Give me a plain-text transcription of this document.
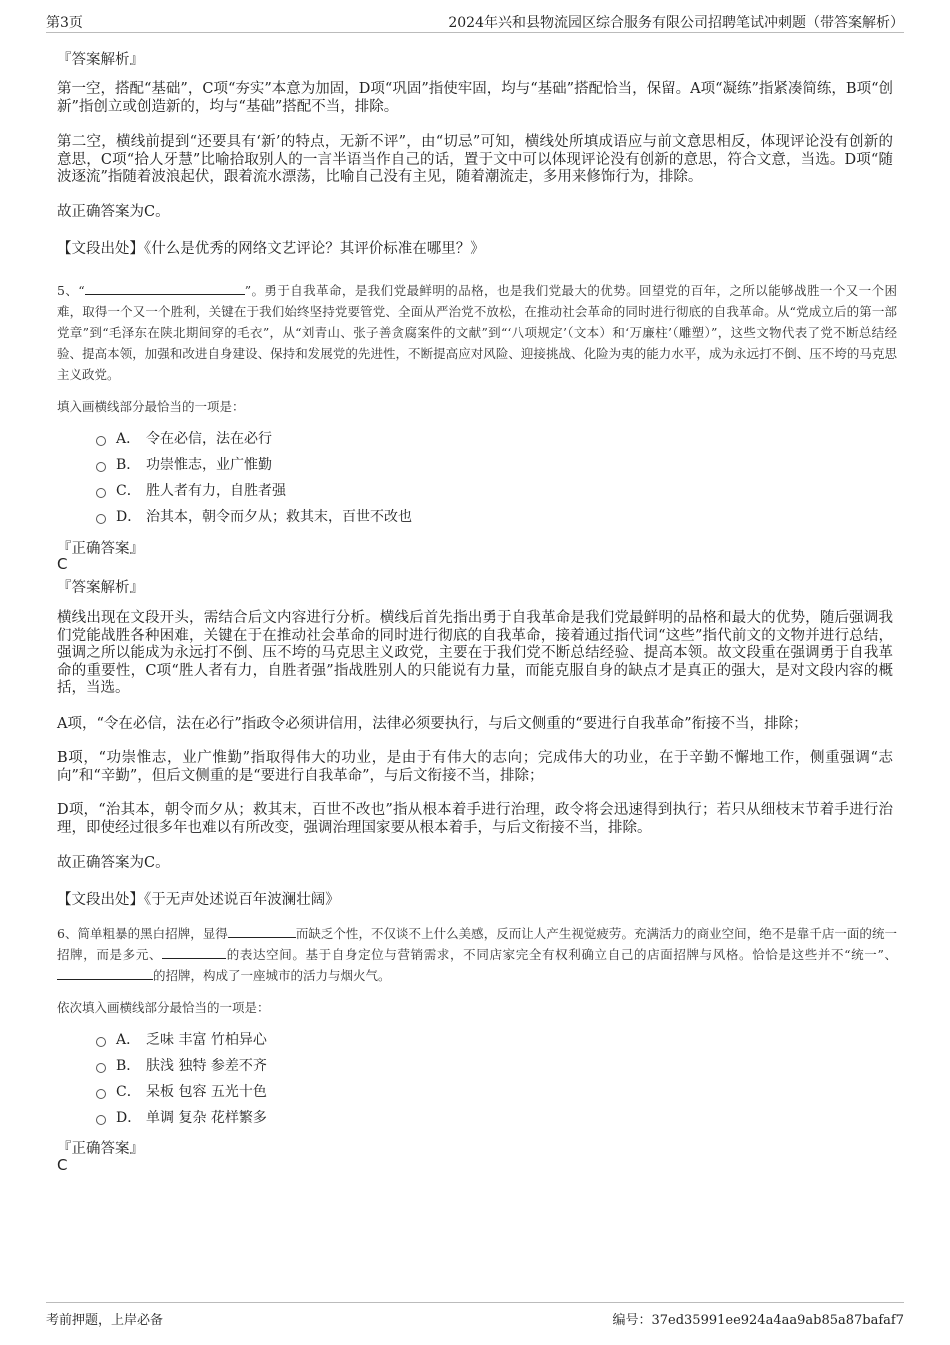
第3页	2024年兴和县物流园区综合服务有限公司招聘笔试冲刺题（带答案解析）
『答案解析』
第一空，搭配“基础”，C项“夯实”本意为加固，D项“巩固”指使牢固，均与“基础”搭配恰当，保留。A项“凝练”指紧凑简练，B项“创新”指创立或创造新的，均与“基础”搭配不当，排除。
第二空，横线前提到“还要具有‘新’的特点，无新不评”，由“切忌”可知，横线处所填成语应与前文意思相反，体现评论没有创新的意思，C项“拾人牙慧”比喻拾取别人的一言半语当作自己的话，置于文中可以体现评论没有创新的意思，符合文意，当选。D项“随波逐流”指随着波浪起伏，跟着流水漂荡，比喻自己没有主见，随着潮流走，多用来修饰行为，排除。
故正确答案为C。
【文段出处】《什么是优秀的网络文艺评论？其评价标准在哪里？》
5、“	”。勇于自我革命，是我们党最鲜明的品格，也是我们党最大的优势。回望党的百年，之所以能够战胜一个又一个困难，取得一个又一个胜利，关键在于我们始终坚持党要管党、全面从严治党不放松，在推动社会革命的同时进行彻底的自我革命。从“党成立后的第一部党章”到“毛泽东在陕北期间穿的毛衣”，从“刘青山、张子善贪腐案件的文献”到“‘八项规定’（文本）和‘万廉柱’（雕塑）”，这些文物代表了党不断总结经验、提高本领，加强和改进自身建设、保持和发展党的先进性，不断提高应对风险、迎接挑战、化险为夷的能力水平，成为永远打不倒、压不垮的马克思主义政党。
填入画横线部分最恰当的一项是：
A． 令在必信，法在必行
B． 功崇惟志，业广惟勤
C． 胜人者有力，自胜者强
D． 治其本，朝令而夕从；救其末，百世不改也
『正确答案』
C
『答案解析』
横线出现在文段开头，需结合后文内容进行分析。横线后首先指出勇于自我革命是我们党最鲜明的品格和最大的优势，随后强调我们党能战胜各种困难，关键在于在推动社会革命的同时进行彻底的自我革命，接着通过指代词“这些”指代前文的文物并进行总结，强调之所以能成为永远打不倒、压不垮的马克思主义政党，主要在于我们党不断总结经验、提高本领。故文段重在强调勇于自我革命的重要性，C项“胜人者有力，自胜者强”指战胜别人的只能说有力量，而能克服自身的缺点才是真正的强大，是对文段内容的概括，当选。
A项，“令在必信，法在必行”指政令必须讲信用，法律必须要执行，与后文侧重的“要进行自我革命”衔接不当，排除；
B项，“功崇惟志，业广惟勤”指取得伟大的功业，是由于有伟大的志向；完成伟大的功业，在于辛勤不懈地工作，侧重强调“志向”和“辛勤”，但后文侧重的是“要进行自我革命”，与后文衔接不当，排除；
D项，“治其本，朝令而夕从；救其末，百世不改也”指从根本着手进行治理，政令将会迅速得到执行；若只从细枝末节着手进行治理，即使经过很多年也难以有所改变，强调治理国家要从根本着手，与后文衔接不当，排除。
故正确答案为C。
【文段出处】《于无声处述说百年波澜壮阔》
6、简单粗暴的黑白招牌，显得	而缺乏个性，不仅谈不上什么美感，反而让人产生视觉疲劳。充满活力的商业空间，绝不是靠千店一面的统一招牌，而是多元、	的表达空间。基于自身定位与营销需求，不同店家完全有权利确立自己的店面招牌与风格。恰恰是这些并不“统一”、的招牌，构成了一座城市的活力与烟火气。
依次填入画横线部分最恰当的一项是：
A． 乏味 丰富 竹柏异心
B． 肤浅 独特 参差不齐
C． 呆板 包容 五光十色
D． 单调 复杂 花样繁多
『正确答案』
C
考前押题，上岸必备	编号：37ed35991ee924a4aa9ab85a87bafaf7
